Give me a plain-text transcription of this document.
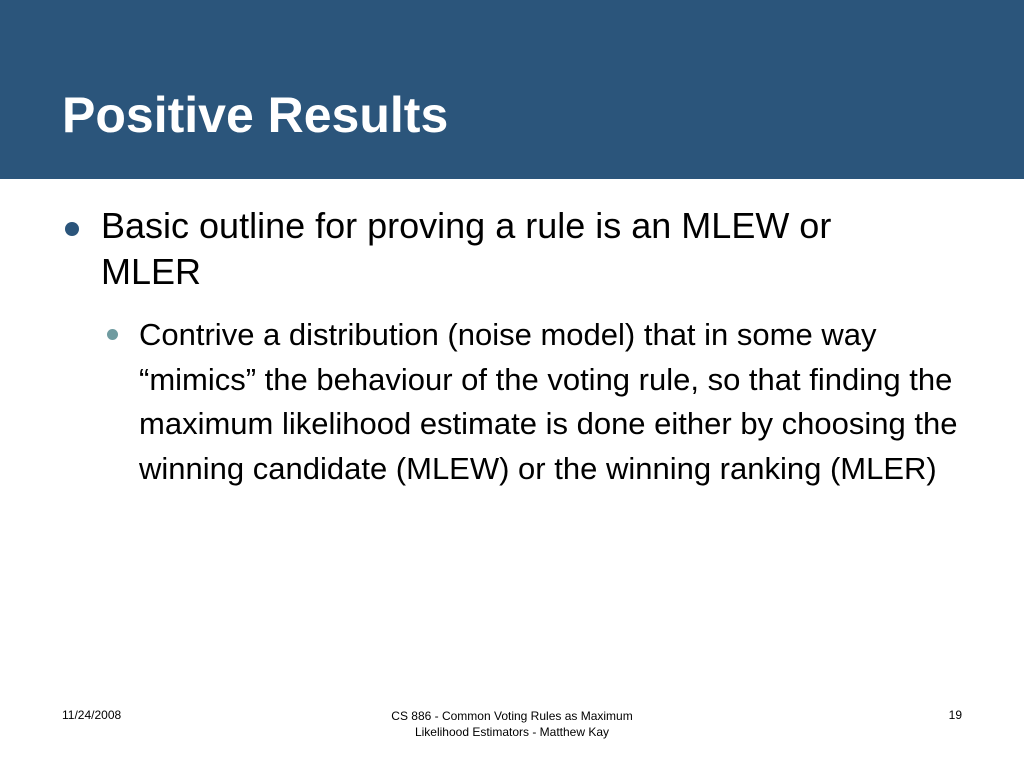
Positive Results
Basic outline for proving a rule is an MLEW or MLER
Contrive a distribution (noise model) that in some way “mimics” the behaviour of the voting rule, so that finding the maximum likelihood estimate is done either by choosing the winning candidate (MLEW) or the winning ranking (MLER)
11/24/2008	CS 886 - Common Voting Rules as Maximum
Likelihood Estimators - Matthew Kay
19
